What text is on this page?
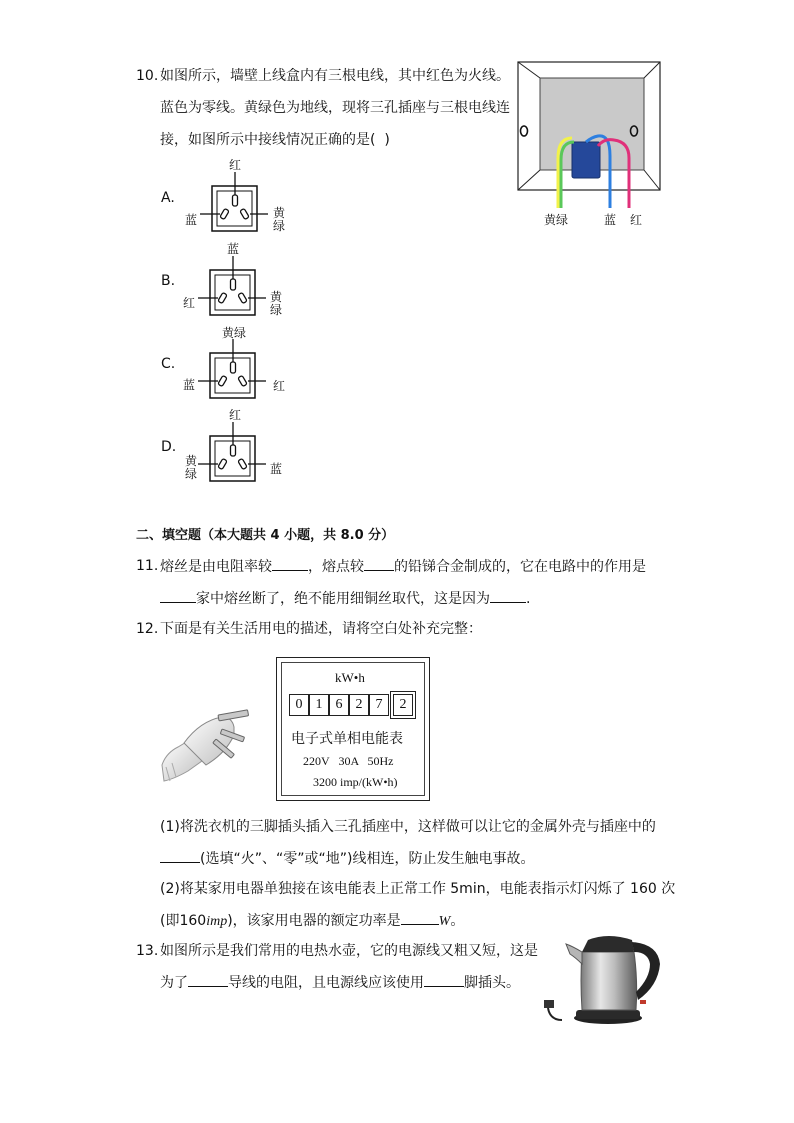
10. 如图所示，墙壁上线盒内有三根电线，其中红色为火线。
蓝色为零线。黄绿色为地线，现将三孔插座与三根电线连
接，如图所示中接线情况正确的是(  )
黄绿	蓝 红
A.
红
蓝	黄
绿
B.
蓝
红	黄
绿
C.
黄绿
蓝	红
D.
红
黄
绿	蓝
二、填空题（本大题共 4 小题，共 8.0 分）
11. 熔丝是由电阻率较	，熔点较 的铅锑合金制成的，它在电路中的作用是
家中熔丝断了，绝不能用细铜丝取代，这是因为	.
12. 下面是有关生活用电的描述，请将空白处补充完整：
kW•h
0 1 6 2 7	2
电子式单相电能表
220V   30A   50Hz
3200 imp/(kW•h)
(1)将洗衣机的三脚插头插入三孔插座中，这样做可以让它的金属外壳与插座中的
(选填“火”、“零”或“地”)线相连，防止发生触电事故。
(2)将某家用电器单独接在该电能表上正常工作 5min，电能表指示灯闪烁了 160 次
(即160imp)，该家用电器的额定功率是	W。
13. 如图所示是我们常用的电热水壶，它的电源线又粗又短，这是
为了	导线的电阻，且电源线应该使用	脚插头。
